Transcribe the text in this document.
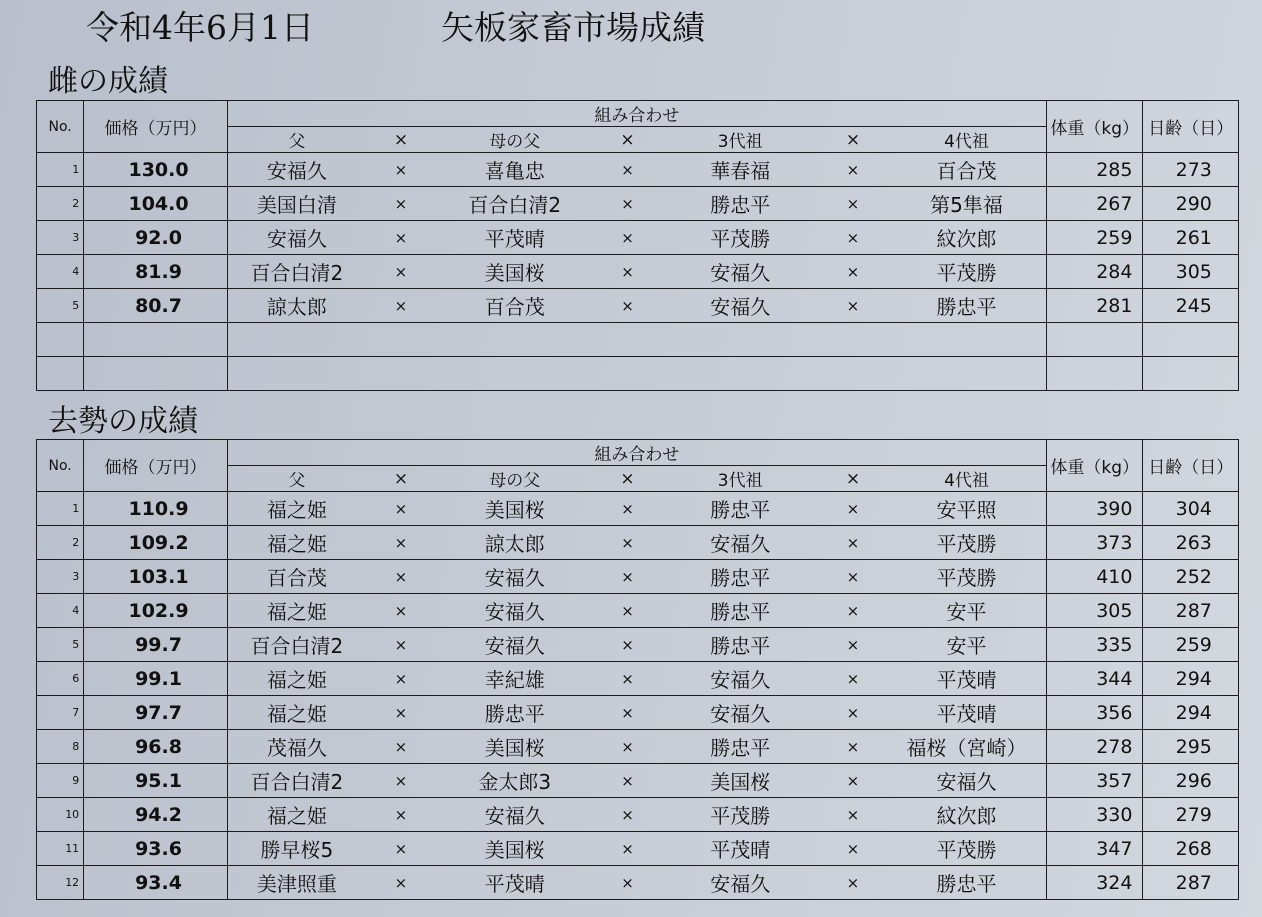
令和4年6月1日	矢板家畜市場成績
雌の成績
No.	価格（万円）	組み合わせ							体重（kg）	日齢（日）
		父	×	母の父	×	3代祖	×	4代祖		
1	130.0	安福久	×	喜亀忠	×	華春福	×	百合茂	285	273
2	104.0	美国白清	×	百合白清2	×	勝忠平	×	第5隼福	267	290
3	92.0	安福久	×	平茂晴	×	平茂勝	×	紋次郎	259	261
4	81.9	百合白清2	×	美国桜	×	安福久	×	平茂勝	284	305
5	80.7	諒太郎	×	百合茂	×	安福久	×	勝忠平	281	245

去勢の成績
No.	価格（万円）	組み合わせ							体重（kg）	日齢（日）
		父	×	母の父	×	3代祖	×	4代祖		
1	110.9	福之姫	×	美国桜	×	勝忠平	×	安平照	390	304
2	109.2	福之姫	×	諒太郎	×	安福久	×	平茂勝	373	263
3	103.1	百合茂	×	安福久	×	勝忠平	×	平茂勝	410	252
4	102.9	福之姫	×	安福久	×	勝忠平	×	安平	305	287
5	99.7	百合白清2	×	安福久	×	勝忠平	×	安平	335	259
6	99.1	福之姫	×	幸紀雄	×	安福久	×	平茂晴	344	294
7	97.7	福之姫	×	勝忠平	×	安福久	×	平茂晴	356	294
8	96.8	茂福久	×	美国桜	×	勝忠平	×	福桜（宮崎）	278	295
9	95.1	百合白清2	×	金太郎3	×	美国桜	×	安福久	357	296
10	94.2	福之姫	×	安福久	×	平茂勝	×	紋次郎	330	279
11	93.6	勝早桜5	×	美国桜	×	平茂晴	×	平茂勝	347	268
12	93.4	美津照重	×	平茂晴	×	安福久	×	勝忠平	324	287
